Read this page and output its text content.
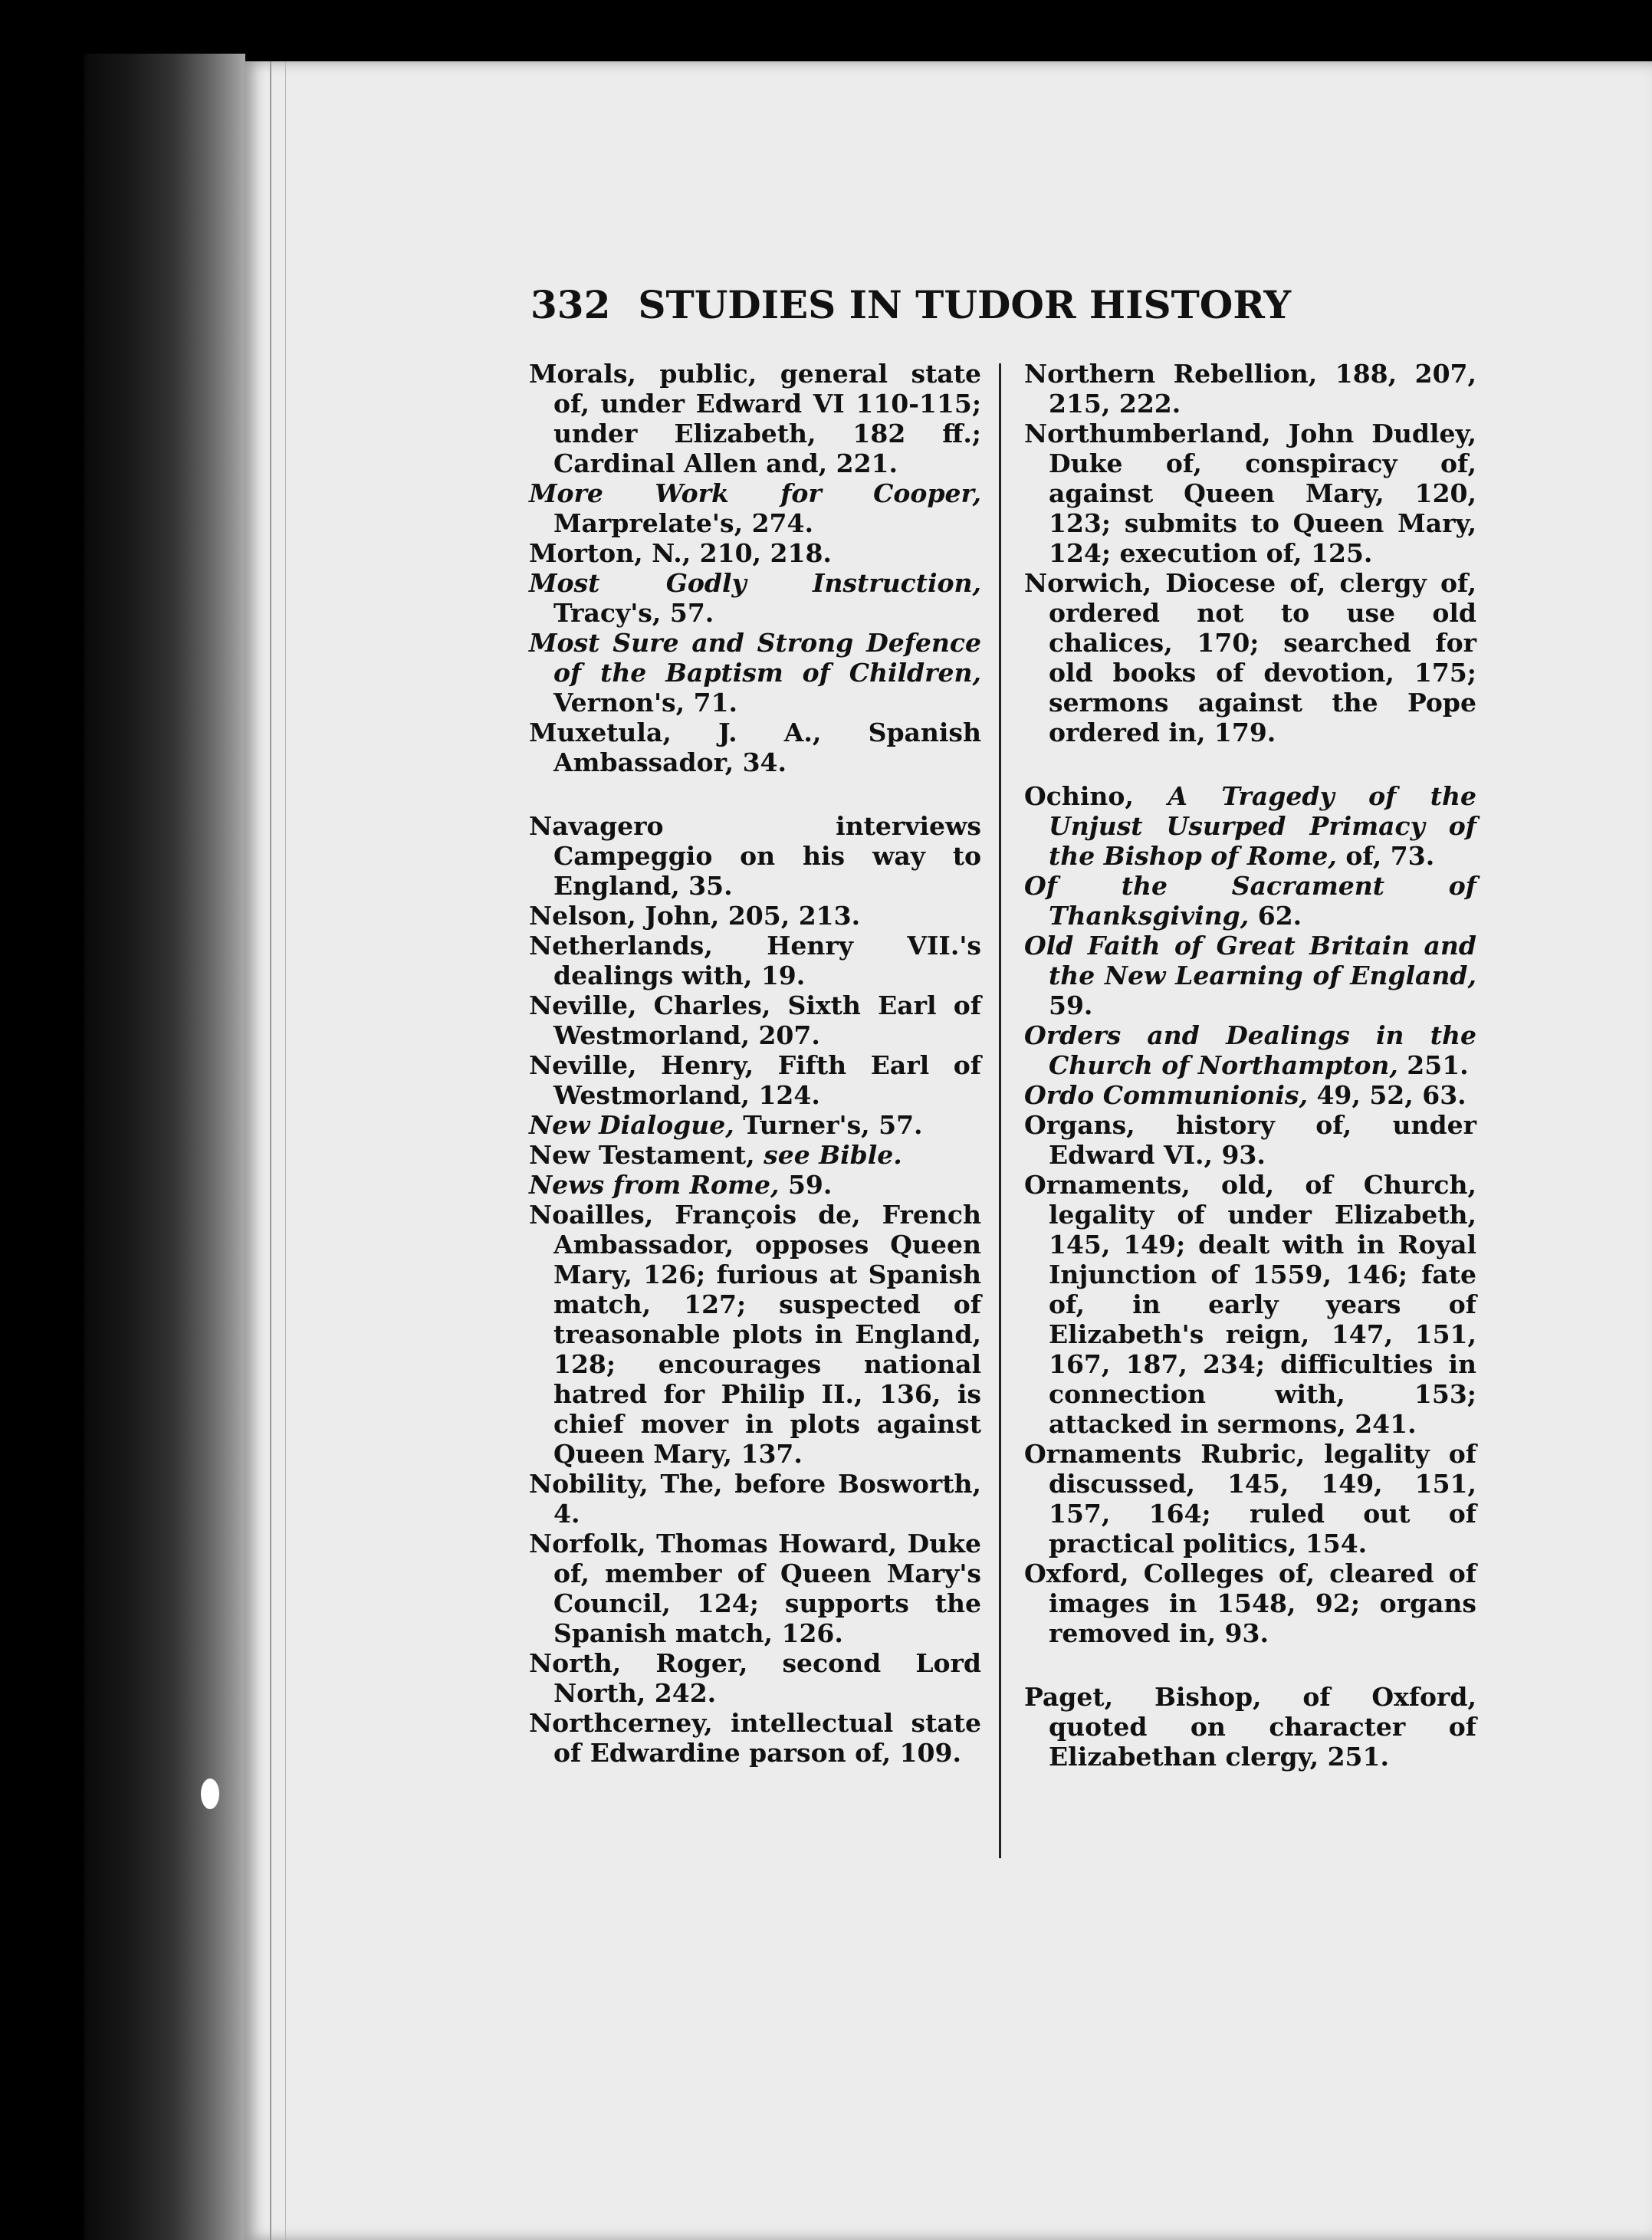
332 STUDIES IN TUDOR HISTORY

Morals, public, general state of, under Edward VI 110-115; under Elizabeth, 182 ff.; Cardinal Allen and, 221.

More Work for Cooper, Marprelate's, 274.

Morton, N., 210, 218.

Most Godly Instruction, Tracy's, 57.

Most Sure and Strong Defence of the Baptism of Children, Vernon's, 71.

Muxetula, J. A., Spanish Ambassador, 34.

Navagero interviews Campeggio on his way to England, 35.

Nelson, John, 205, 213.

Netherlands, Henry VII.'s dealings with, 19.

Neville, Charles, Sixth Earl of Westmorland, 207.

Neville, Henry, Fifth Earl of Westmorland, 124.

New Dialogue, Turner's, 57.

New Testament, see Bible.

News from Rome, 59.

Noailles, François de, French Ambassador, opposes Queen Mary, 126; furious at Spanish match, 127; suspected of treasonable plots in England, 128; encourages national hatred for Philip II., 136, is chief mover in plots against Queen Mary, 137.

Nobility, The, before Bosworth, 4.

Norfolk, Thomas Howard, Duke of, member of Queen Mary's Council, 124; supports the Spanish match, 126.

North, Roger, second Lord North, 242.

Northcerney, intellectual state of Edwardine parson of, 109.

Northern Rebellion, 188, 207, 215, 222.

Northumberland, John Dudley, Duke of, conspiracy of, against Queen Mary, 120, 123; submits to Queen Mary, 124; execution of, 125.

Norwich, Diocese of, clergy of, ordered not to use old chalices, 170; searched for old books of devotion, 175; sermons against the Pope ordered in, 179.

Ochino, A Tragedy of the Unjust Usurped Primacy of the Bishop of Rome, of, 73.

Of the Sacrament of Thanksgiving, 62.

Old Faith of Great Britain and the New Learning of England, 59.

Orders and Dealings in the Church of Northampton, 251.

Ordo Communionis, 49, 52, 63.

Organs, history of, under Edward VI., 93.

Ornaments, old, of Church, legality of under Elizabeth, 145, 149; dealt with in Royal Injunction of 1559, 146; fate of, in early years of Elizabeth's reign, 147, 151, 167, 187, 234; difficulties in connection with, 153; attacked in sermons, 241.

Ornaments Rubric, legality of discussed, 145, 149, 151, 157, 164; ruled out of practical politics, 154.

Oxford, Colleges of, cleared of images in 1548, 92; organs removed in, 93.

Paget, Bishop, of Oxford, quoted on character of Elizabethan clergy, 251.
